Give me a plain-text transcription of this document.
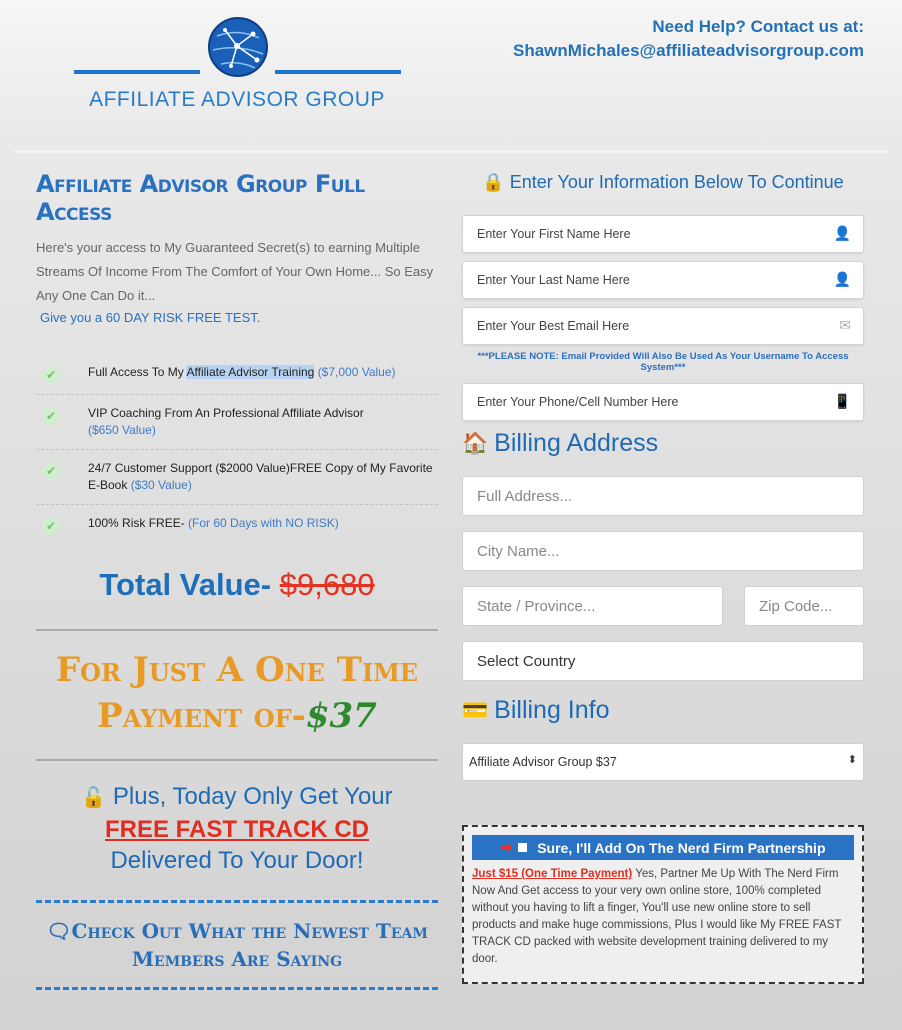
AFFILIATE ADVISOR GROUP
Need Help? Contact us at:
ShawnMichales@affiliateadvisorgroup.com
Affiliate Advisor Group Full Access

Here's your access to My Guaranteed Secret(s) to earning Multiple Streams Of Income From The Comfort of Your Own Home... So Easy Any One Can Do it...

Give you a 60 DAY RISK FREE TEST.

✔	Full Access To My Affiliate Advisor Training ($7,000 Value)
✔	VIP Coaching From An Professional Affiliate Advisor
($650 Value)
✔	24/7 Customer Support ($2000 Value)FREE Copy of My Favorite E-Book ($30 Value)
✔	100% Risk FREE- (For 60 Days with NO RISK)
Total Value- $9,680
For Just A One Time
Payment of-$37
🔓 Plus, Today Only Get Your
FREE FAST TRACK CD
Delivered To Your Door!
🗨Check Out What the Newest Team Members Are Saying
🔒 Enter Your Information Below To Continue
Enter Your First Name Here	👤
Enter Your Last Name Here	👤
Enter Your Best Email Here	✉
***PLEASE NOTE: Email Provided Will Also Be Used As Your Username To Access System***
Enter Your Phone/Cell Number Here	📱
🏠 Billing Address
Full Address...
City Name...
State / Province...	Zip Code...
Select Country
💳 Billing Info
Affiliate Advisor Group $37	⬍
➡ Sure, I'll Add On The Nerd Firm Partnership
Just $15 (One Time Payment) Yes, Partner Me Up With The Nerd Firm Now And Get access to your very own online store, 100% completed without you having to lift a finger, You'll use new online store to sell products and make huge commissions, Plus I would like My FREE FAST TRACK CD packed with website development training delivered to my door.
